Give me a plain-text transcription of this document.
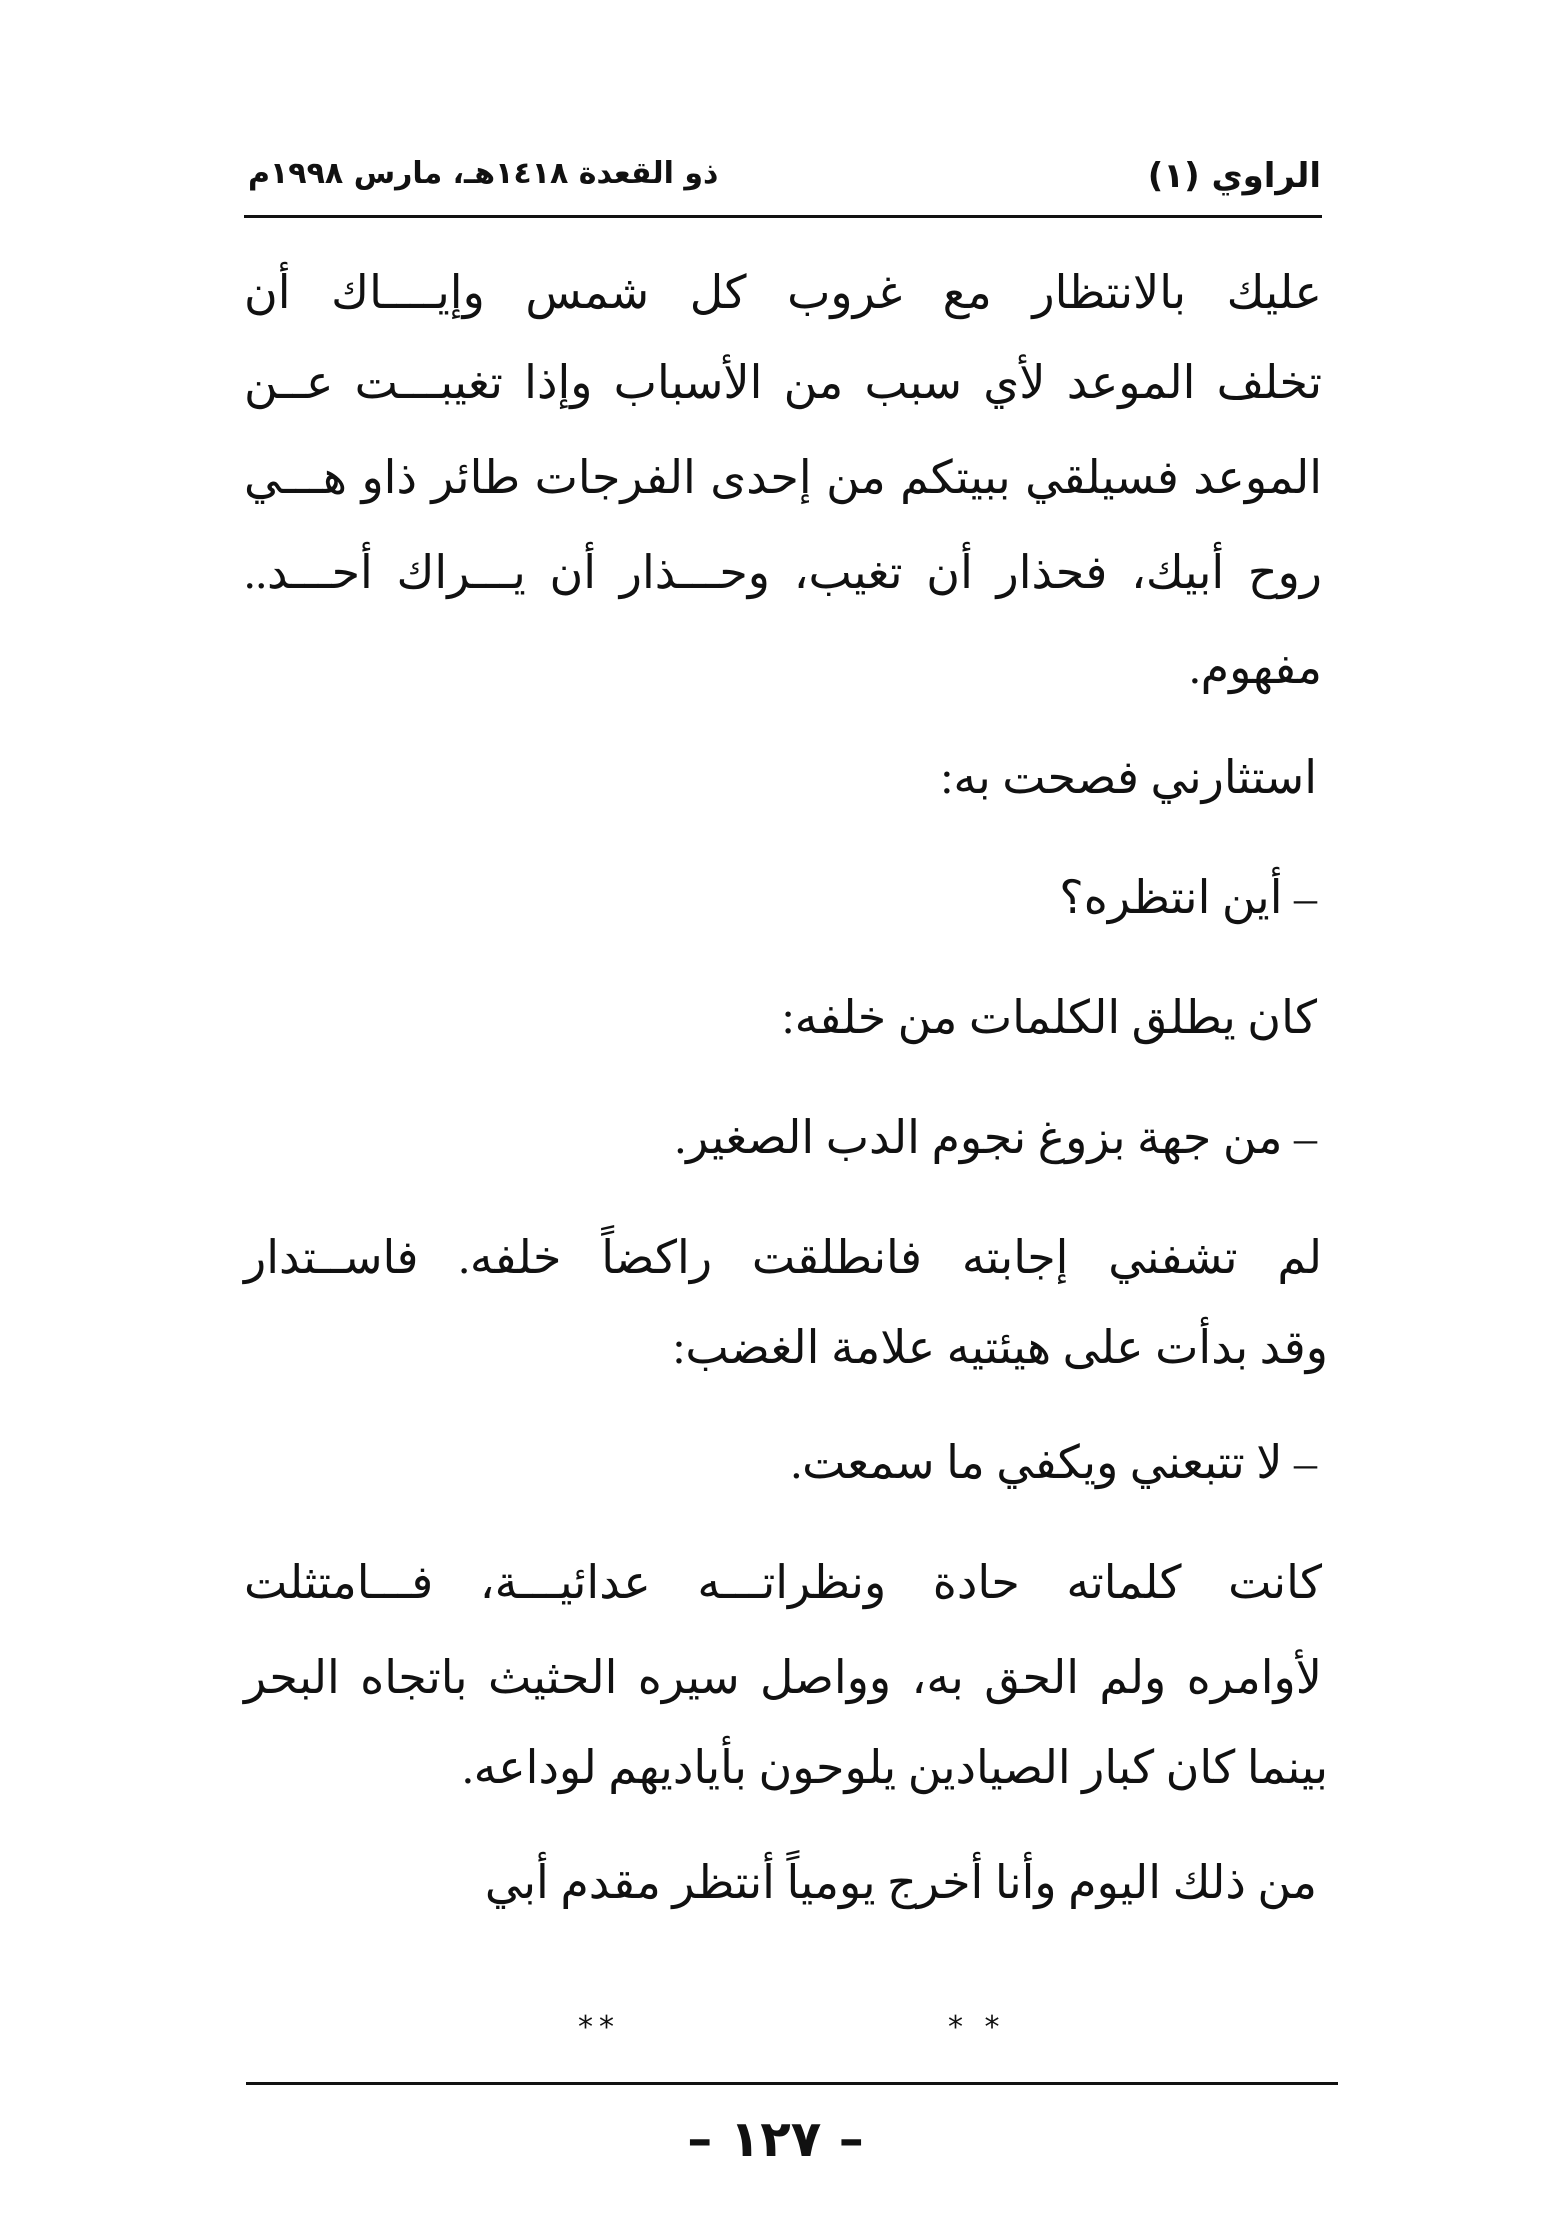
الراوي (١)
ذو القعدة ١٤١٨هـ، مارس ١٩٩٨م
عليك بالانتظار مع غروب كل شمس وإيــــاك أن
تخلف الموعد لأي سبب من الأسباب وإذا تغيبـــت عــن
الموعد فسيلقي ببيتكم من إحدى الفرجات طائر ذاو هـــي
روح أبيك، فحذار أن تغيب، وحـــذار أن يـــراك أحـــد..
مفهوم.
استثارني فصحت به:
– أين انتظره؟
كان يطلق الكلمات من خلفه:
– من جهة بزوغ نجوم الدب الصغير.
لم تشفني إجابته فانطلقت راكضاً خلفه. فاســتدار
وقد بدأت على هيئتيه علامة الغضب:
– لا تتبعني ويكفي ما سمعت.
كانت كلماته حادة ونظراتـــه عدائيـــة، فـــامتثلت
لأوامره ولم الحق به، وواصل سيره الحثيث باتجاه البحر
بينما كان كبار الصيادين يلوحون بأياديهم لوداعه.
من ذلك اليوم وأنا أخرج يومياً أنتظر مقدم أبي
**	* *
– ١٢٧ –
